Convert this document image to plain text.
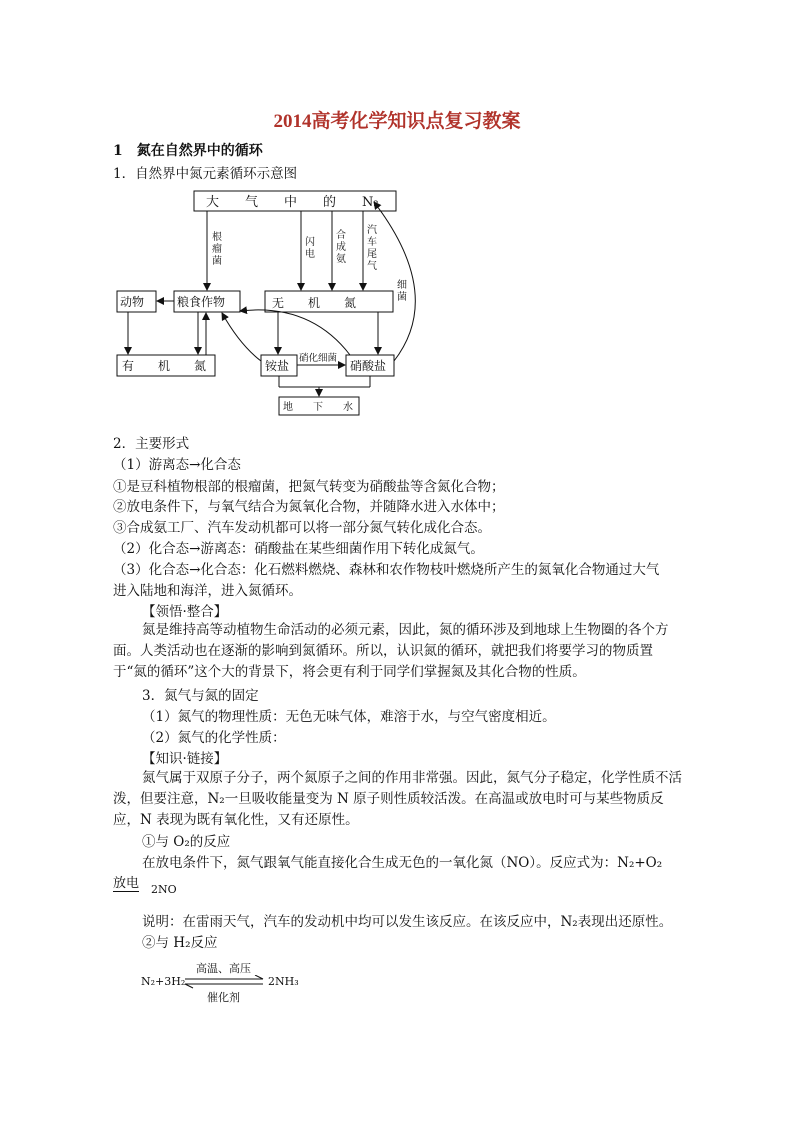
2014高考化学知识点复习教案
1　氮在自然界中的循环
1．自然界中氮元素循环示意图
大　　气　　中　　的　　N₂
根
瘤
菌
闪
电
合
成
氨
汽
车
尾
气
细
菌
动物	粮食作物	无　　机　　氮
有　　机　　氮	铵盐
硝化细菌
硝酸盐
地　　下　　水
2．主要形式
（1）游离态→化合态
①是豆科植物根部的根瘤菌，把氮气转变为硝酸盐等含氮化合物；
②放电条件下，与氧气结合为氮氧化合物，并随降水进入水体中；
③合成氨工厂、汽车发动机都可以将一部分氮气转化成化合态。
（2）化合态→游离态：硝酸盐在某些细菌作用下转化成氮气。
（3）化合态→化合态：化石燃料燃烧、森林和农作物枝叶燃烧所产生的氮氧化合物通过大气
进入陆地和海洋，进入氮循环。
【领悟·整合】
氮是维持高等动植物生命活动的必须元素，因此，氮的循环涉及到地球上生物圈的各个方面。人类活动也在逐渐的影响到氮循环。所以，认识氮的循环，就把我们将要学习的物质置于“氮的循环”这个大的背景下，将会更有利于同学们掌握氮及其化合物的性质。
3．氮气与氮的固定
（1）氮气的物理性质：无色无味气体，难溶于水，与空气密度相近。
（2）氮气的化学性质：
【知识·链接】
氮气属于双原子分子，两个氮原子之间的作用非常强。因此，氮气分子稳定，化学性质不活泼，但要注意，N₂一旦吸收能量变为 N 原子则性质较活泼。在高温或放电时可与某些物质反应，N 表现为既有氧化性，又有还原性。
①与 O₂的反应
在放电条件下，氮气跟氧气能直接化合生成无色的一氧化氮（NO）。反应式为：N₂+O₂
放电 2NO
说明：在雷雨天气，汽车的发动机中均可以发生该反应。在该反应中，N₂表现出还原性。
②与 H₂反应
N₂+3H₂
高温、高压
催化剂
2NH₃
